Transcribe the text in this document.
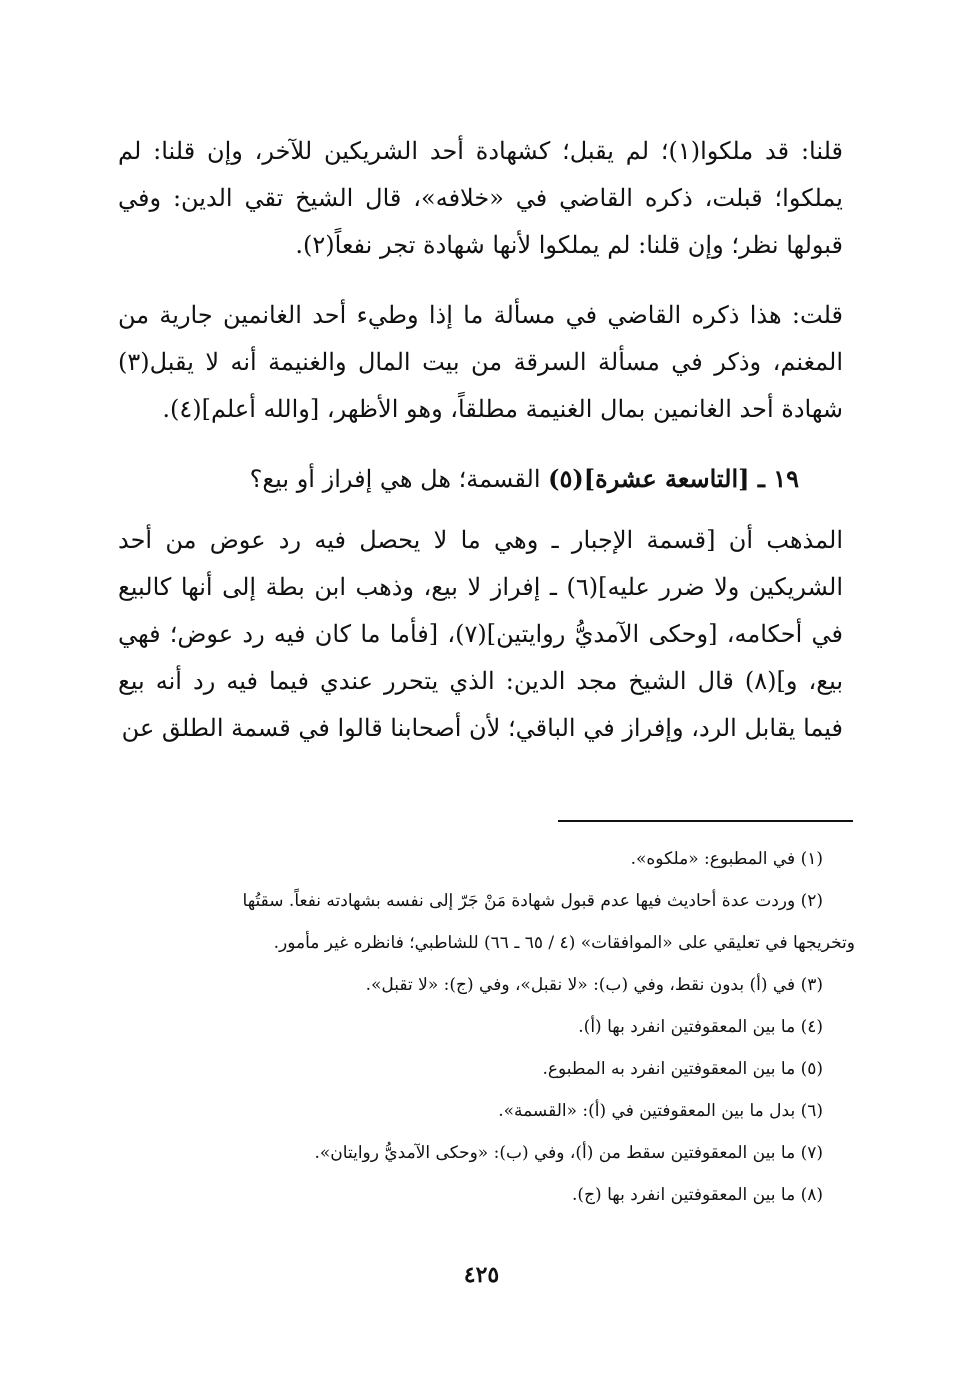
قلنا: قد ملكوا(١)؛ لم يقبل؛ كشهادة أحد الشريكين للآخر، وإن قلنا: لم يملكوا؛ قبلت، ذكره القاضي في «خلافه»، قال الشيخ تقي الدين: وفي قبولها نظر؛ وإن قلنا: لم يملكوا لأنها شهادة تجر نفعاً(٢).

قلت: هذا ذكره القاضي في مسألة ما إذا وطيء أحد الغانمين جارية من المغنم، وذكر في مسألة السرقة من بيت المال والغنيمة أنه لا يقبل(٣) شهادة أحد الغانمين بمال الغنيمة مطلقاً، وهو الأظهر، [والله أعلم](٤).

١٩ ـ [التاسعة عشرة](٥) القسمة؛ هل هي إفراز أو بيع؟

المذهب أن [قسمة الإجبار ـ وهي ما لا يحصل فيه رد عوض من أحد الشريكين ولا ضرر عليه](٦) ـ إفراز لا بيع، وذهب ابن بطة إلى أنها كالبيع في أحكامه، [وحكى الآمديُّ روايتين](٧)، [فأما ما كان فيه رد عوض؛ فهي بيع، و](٨) قال الشيخ مجد الدين: الذي يتحرر عندي فيما فيه رد أنه بيع فيما يقابل الرد، وإفراز في الباقي؛ لأن أصحابنا قالوا في قسمة الطلق عن

(١) في المطبوع: «ملكوه».

(٢) وردت عدة أحاديث فيها عدم قبول شهادة مَنْ جَرّ إلى نفسه بشهادته نفعاً. سقتُها

وتخريجها في تعليقي على «الموافقات» (٤ / ٦٥ ـ ٦٦) للشاطبي؛ فانظره غير مأمور.

(٣) في (أ) بدون نقط، وفي (ب): «لا نقبل»، وفي (ج): «لا تقبل».

(٤) ما بين المعقوفتين انفرد بها (أ).

(٥) ما بين المعقوفتين انفرد به المطبوع.

(٦) بدل ما بين المعقوفتين في (أ): «القسمة».

(٧) ما بين المعقوفتين سقط من (أ)، وفي (ب): «وحكى الآمديُّ روايتان».

(٨) ما بين المعقوفتين انفرد بها (ج).

٤٢٥
